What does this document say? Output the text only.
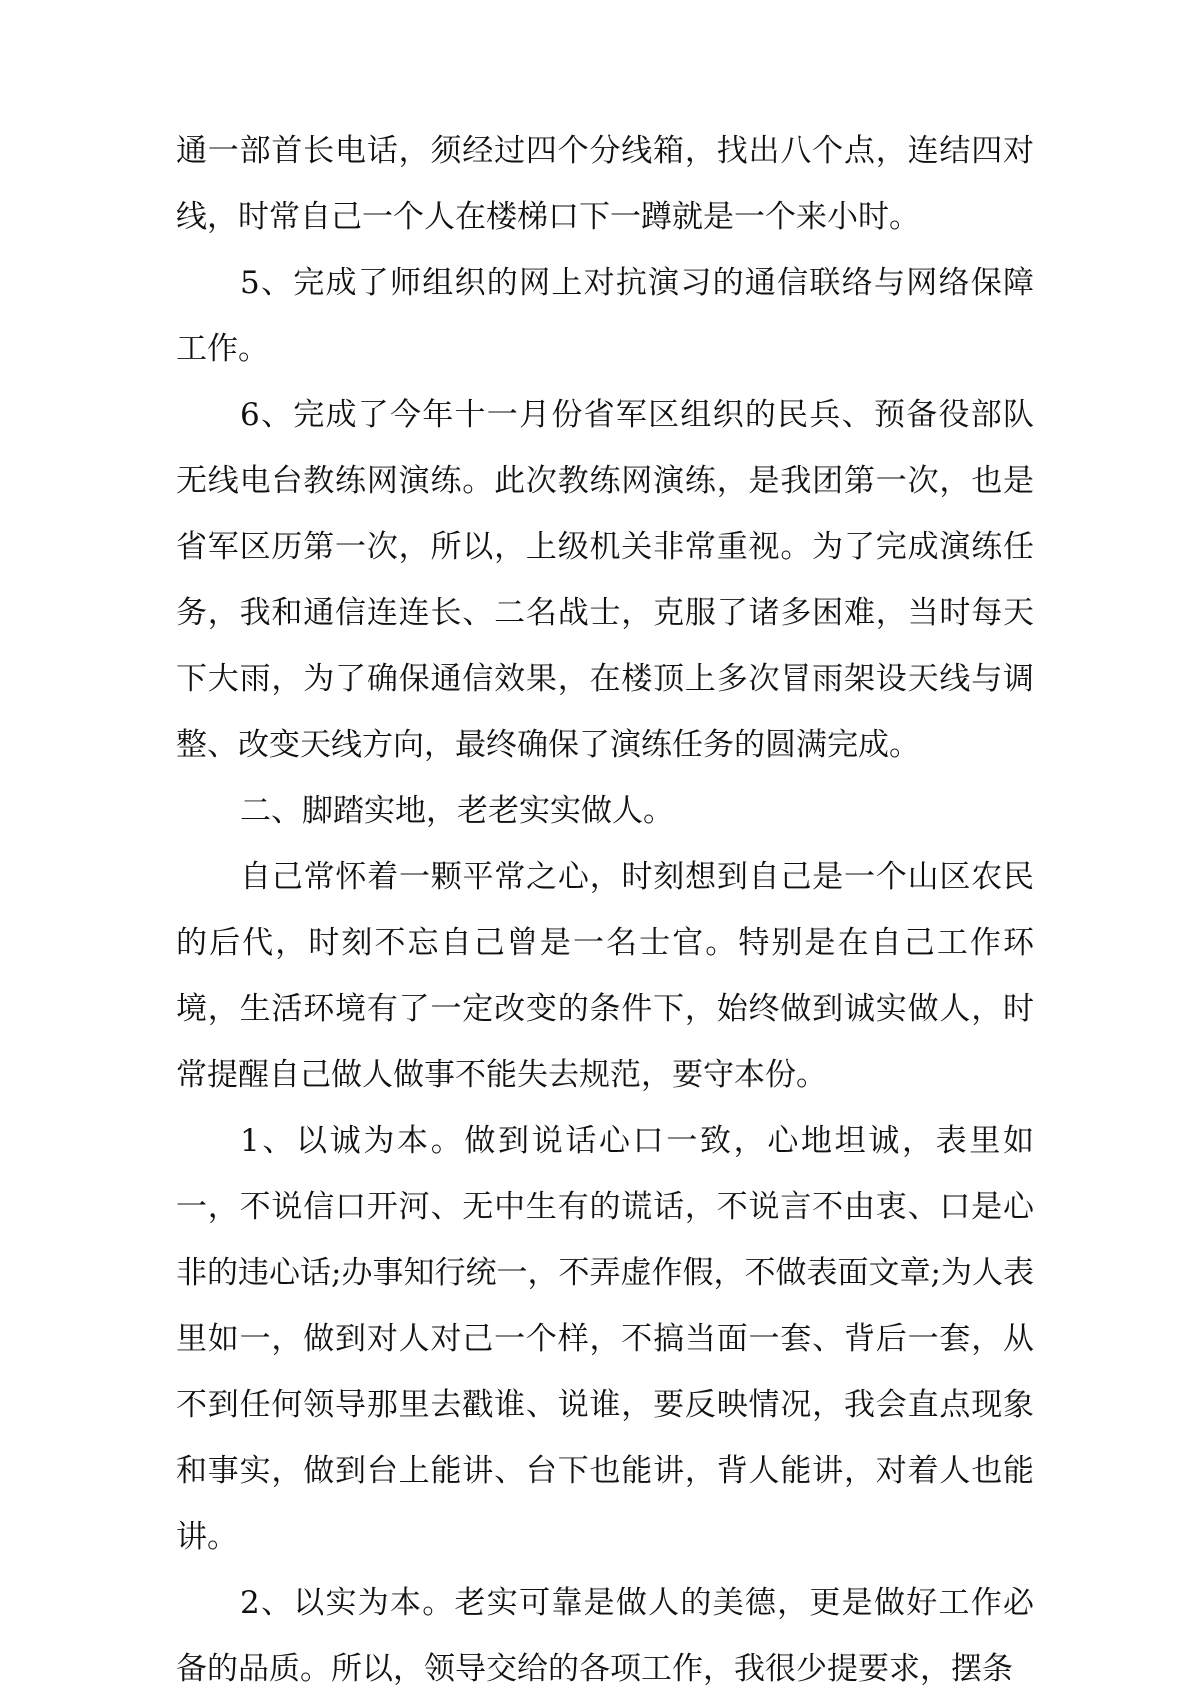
通一部首长电话，须经过四个分线箱，找出八个点，连结四对线，时常自己一个人在楼梯口下一蹲就是一个来小时。

5、完成了师组织的网上对抗演习的通信联络与网络保障工作。

6、完成了今年十一月份省军区组织的民兵、预备役部队无线电台教练网演练。此次教练网演练，是我团第一次，也是省军区历第一次，所以，上级机关非常重视。为了完成演练任务，我和通信连连长、二名战士，克服了诸多困难，当时每天下大雨，为了确保通信效果，在楼顶上多次冒雨架设天线与调整、改变天线方向，最终确保了演练任务的圆满完成。

二、脚踏实地，老老实实做人。

自己常怀着一颗平常之心，时刻想到自己是一个山区农民的后代，时刻不忘自己曾是一名士官。特别是在自己工作环境，生活环境有了一定改变的条件下，始终做到诚实做人，时常提醒自己做人做事不能失去规范，要守本份。

1、以诚为本。做到说话心口一致，心地坦诚，表里如一，不说信口开河、无中生有的谎话，不说言不由衷、口是心非的违心话;办事知行统一，不弄虚作假，不做表面文章;为人表里如一，做到对人对己一个样，不搞当面一套、背后一套，从不到任何领导那里去戳谁、说谁，要反映情况，我会直点现象和事实，做到台上能讲、台下也能讲，背人能讲，对着人也能讲。

2、以实为本。老实可靠是做人的美德，更是做好工作必备的品质。所以，领导交给的各项工作，我很少提要求，摆条
